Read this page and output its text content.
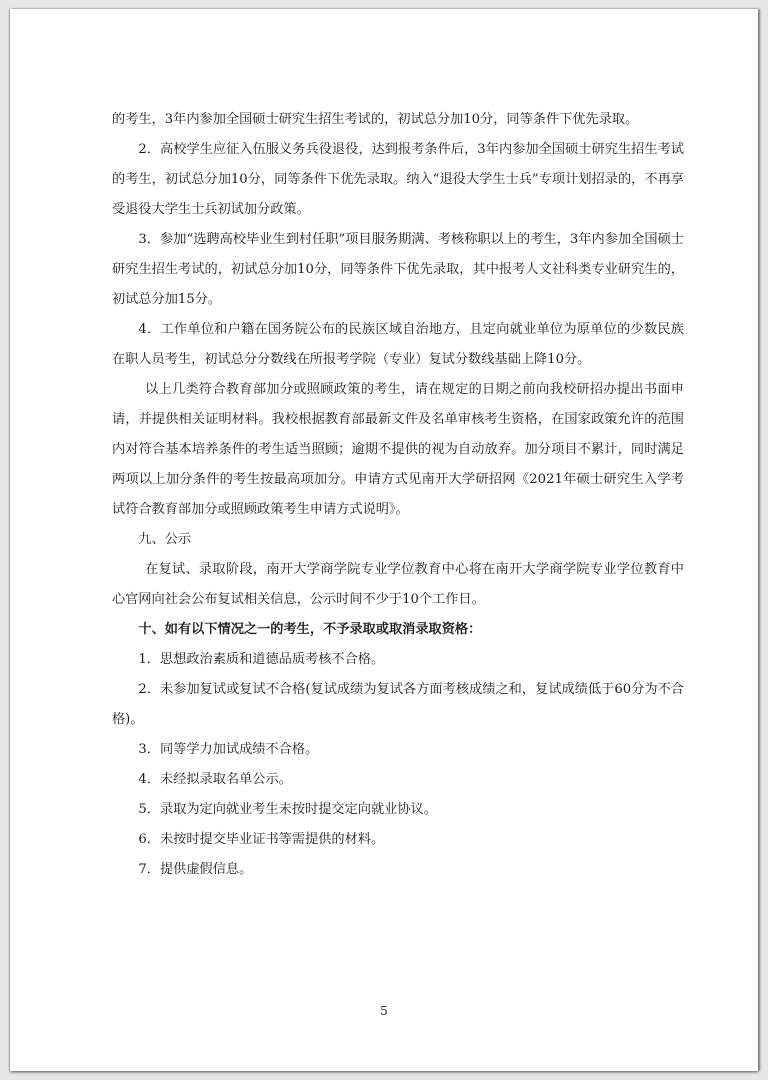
的考生，3年内参加全国硕士研究生招生考试的，初试总分加10分，同等条件下优先录取。

2．高校学生应征入伍服义务兵役退役，达到报考条件后，3年内参加全国硕士研究生招生考试的考生，初试总分加10分，同等条件下优先录取。纳入“退役大学生士兵”专项计划招录的，不再享受退役大学生士兵初试加分政策。

3．参加“选聘高校毕业生到村任职”项目服务期满、考核称职以上的考生，3年内参加全国硕士研究生招生考试的，初试总分加10分，同等条件下优先录取，其中报考人文社科类专业研究生的，初试总分加15分。

4．工作单位和户籍在国务院公布的民族区域自治地方，且定向就业单位为原单位的少数民族在职人员考生，初试总分分数线在所报考学院（专业）复试分数线基础上降10分。

以上几类符合教育部加分或照顾政策的考生，请在规定的日期之前向我校研招办提出书面申请，并提供相关证明材料。我校根据教育部最新文件及名单审核考生资格，在国家政策允许的范围内对符合基本培养条件的考生适当照顾；逾期不提供的视为自动放弃。加分项目不累计，同时满足两项以上加分条件的考生按最高项加分。申请方式见南开大学研招网《2021年硕士研究生入学考试符合教育部加分或照顾政策考生申请方式说明》。

九、公示

在复试、录取阶段，南开大学商学院专业学位教育中心将在南开大学商学院专业学位教育中心官网向社会公布复试相关信息，公示时间不少于10个工作日。

十、如有以下情况之一的考生，不予录取或取消录取资格：

1．思想政治素质和道德品质考核不合格。

2．未参加复试或复试不合格(复试成绩为复试各方面考核成绩之和，复试成绩低于60分为不合格)。

3．同等学力加试成绩不合格。

4．未经拟录取名单公示。

5．录取为定向就业考生未按时提交定向就业协议。

6．未按时提交毕业证书等需提供的材料。

7．提供虚假信息。

5
